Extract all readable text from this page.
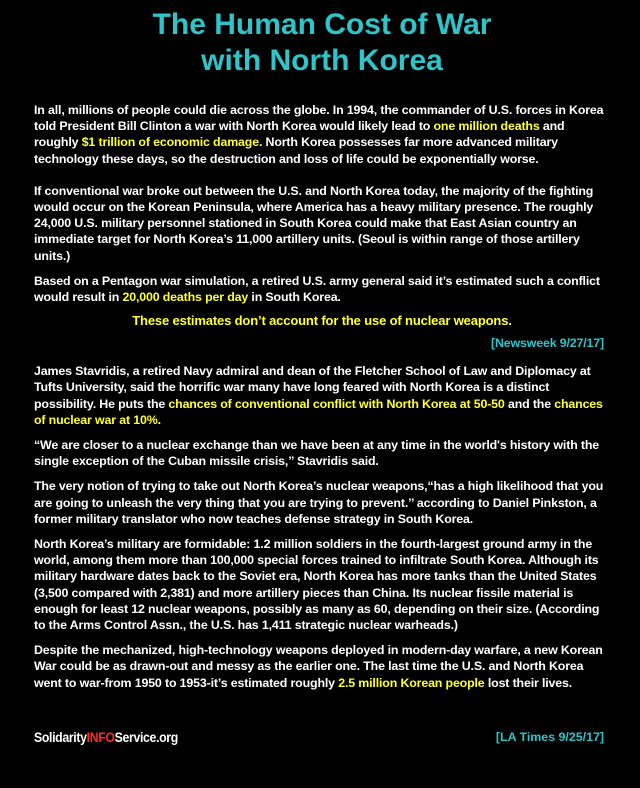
The Human Cost of War
with North Korea

In all, millions of people could die across the globe. In 1994, the commander of U.S. forces in Korea told President Bill Clinton a war with North Korea would likely lead to one million deaths and roughly $1 trillion of economic damage. North Korea possesses far more advanced military technology these days, so the destruction and loss of life could be exponentially worse.

If conventional war broke out between the U.S. and North Korea today, the majority of the fighting would occur on the Korean Peninsula, where America has a heavy military presence. The roughly 24,000 U.S. military personnel stationed in South Korea could make that East Asian country an immediate target for North Korea’s 11,000 artillery units. (Seoul is within range of those artillery units.)

Based on a Pentagon war simulation, a retired U.S. army general said it’s estimated such a conflict would result in 20,000 deaths per day in South Korea.

These estimates don’t account for the use of nuclear weapons.
[Newsweek 9/27/17]

James Stavridis, a retired Navy admiral and dean of the Fletcher School of Law and Diplomacy at Tufts University, said the horrific war many have long feared with North Korea is a distinct possibility. He puts the chances of conventional conflict with North Korea at 50-50 and the chances of nuclear war at 10%.

“We are closer to a nuclear exchange than we have been at any time in the world's history with the single exception of the Cuban missile crisis,’’ Stavridis said.

The very notion of trying to take out North Korea’s nuclear weapons,“has a high likelihood that you are going to unleash the very thing that you are trying to prevent.’’ according to Daniel Pinkston, a former military translator who now teaches defense strategy in South Korea.

North Korea’s military are formidable: 1.2 million soldiers in the fourth-largest ground army in the world, among them more than 100,000 special forces trained to infiltrate South Korea. Although its military hardware dates back to the Soviet era, North Korea has more tanks than the United States (3,500 compared with 2,381) and more artillery pieces than China. Its nuclear fissile material is enough for least 12 nuclear weapons, possibly as many as 60, depending on their size. (According to the Arms Control Assn., the U.S. has 1,411 strategic nuclear warheads.)

Despite the mechanized, high-technology weapons deployed in modern-day warfare, a new Korean War could be as drawn-out and messy as the earlier one. The last time the U.S. and North Korea went to war-from 1950 to 1953-it’s estimated roughly 2.5 million Korean people lost their lives.

SolidarityINFOService.org	[LA Times 9/25/17]
